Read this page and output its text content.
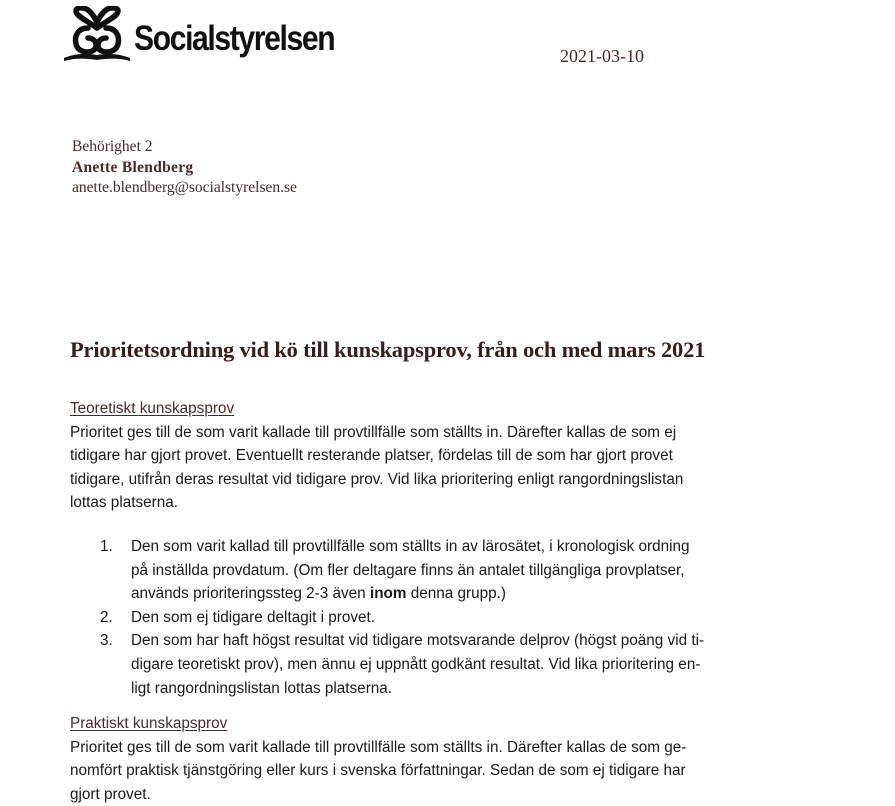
Socialstyrelsen	2021-03-10
Behörighet 2
Anette Blendberg
anette.blendberg@socialstyrelsen.se
Prioritetsordning vid kö till kunskapsprov, från och med mars 2021
Teoretiskt kunskapsprov

Prioritet ges till de som varit kallade till provtillfälle som ställts in. Därefter kallas de som ej

tidigare har gjort provet. Eventuellt resterande platser, fördelas till de som har gjort provet

tidigare, utifrån deras resultat vid tidigare prov. Vid lika prioritering enligt rangordningslistan

lottas platserna.

1.	Den som varit kallad till provtillfälle som ställts in av lärosätet, i kronologisk ordning
på inställda provdatum. (Om fler deltagare finns än antalet tillgängliga provplatser,
används prioriteringssteg 2-3 även inom denna grupp.)
2.	Den som ej tidigare deltagit i provet.
3.	Den som har haft högst resultat vid tidigare motsvarande delprov (högst poäng vid ti-
digare teoretiskt prov), men ännu ej uppnått godkänt resultat. Vid lika prioritering en-
ligt rangordningslistan lottas platserna.
Praktiskt kunskapsprov

Prioritet ges till de som varit kallade till provtillfälle som ställts in. Därefter kallas de som ge-

nomfört praktisk tjänstgöring eller kurs i svenska författningar. Sedan de som ej tidigare har

gjort provet.
